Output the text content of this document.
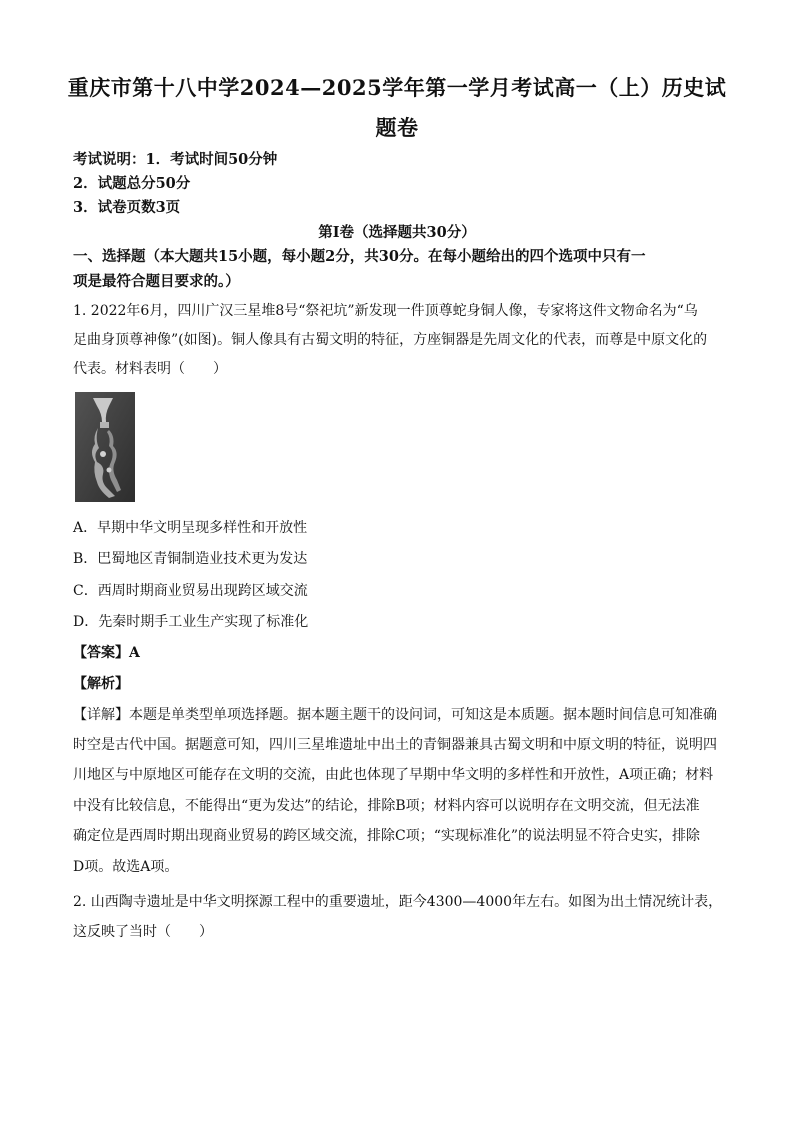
重庆市第十八中学2024—2025学年第一学月考试高一（上）历史试
题卷
考试说明：1．考试时间50分钟
2．试题总分50分
3．试卷页数3页
第Ⅰ卷（选择题共30分）
一、选择题（本大题共15小题，每小题2分，共30分。在每小题给出的四个选项中只有一
项是最符合题目要求的。）
1. 2022年6月，四川广汉三星堆8号“祭祀坑”新发现一件顶尊蛇身铜人像，专家将这件文物命名为“乌
足曲身顶尊神像”(如图)。铜人像具有古蜀文明的特征，方座铜器是先周文化的代表，而尊是中原文化的
代表。材料表明（　　）
A．早期中华文明呈现多样性和开放性
B．巴蜀地区青铜制造业技术更为发达
C．西周时期商业贸易出现跨区域交流
D．先秦时期手工业生产实现了标准化
【答案】A
【解析】
【详解】本题是单类型单项选择题。据本题主题干的设问词，可知这是本质题。据本题时间信息可知准确
时空是古代中国。据题意可知，四川三星堆遗址中出土的青铜器兼具古蜀文明和中原文明的特征，说明四
川地区与中原地区可能存在文明的交流，由此也体现了早期中华文明的多样性和开放性，A项正确；材料
中没有比较信息，不能得出“更为发达”的结论，排除B项；材料内容可以说明存在文明交流，但无法准
确定位是西周时期出现商业贸易的跨区域交流，排除C项；“实现标准化”的说法明显不符合史实，排除
D项。故选A项。
2. 山西陶寺遗址是中华文明探源工程中的重要遗址，距今4300—4000年左右。如图为出土情况统计表，
这反映了当时（　　）
